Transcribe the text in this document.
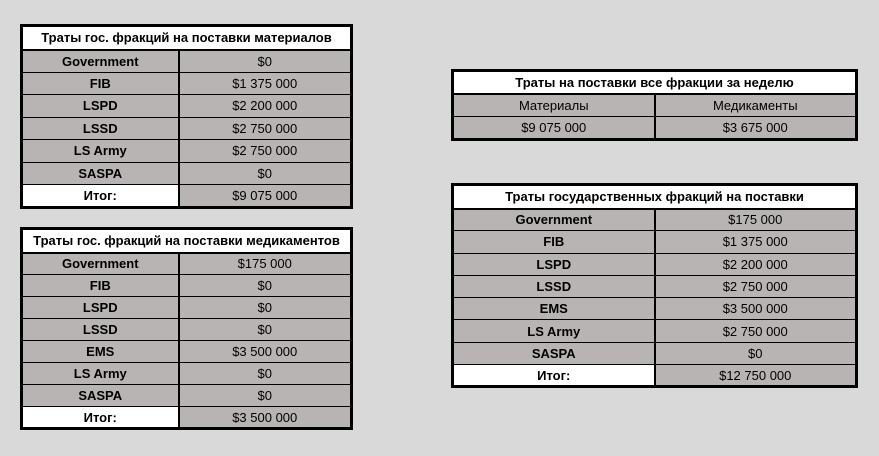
Траты гос. фракций на поставки материалов	
Government	$0
FIB	$1 375 000
LSPD	$2 200 000
LSSD	$2 750 000
LS Army	$2 750 000
SASPA	$0
Итог:	$9 075 000
Траты гос. фракций на поставки медикаментов	
Government	$175 000
FIB	$0
LSPD	$0
LSSD	$0
EMS	$3 500 000
LS Army	$0
SASPA	$0
Итог:	$3 500 000
Траты на поставки все фракции за неделю	
Материалы	Медикаменты
$9 075 000	$3 675 000
Траты государственных фракций на поставки	
Government	$175 000
FIB	$1 375 000
LSPD	$2 200 000
LSSD	$2 750 000
EMS	$3 500 000
LS Army	$2 750 000
SASPA	$0
Итог:	$12 750 000
